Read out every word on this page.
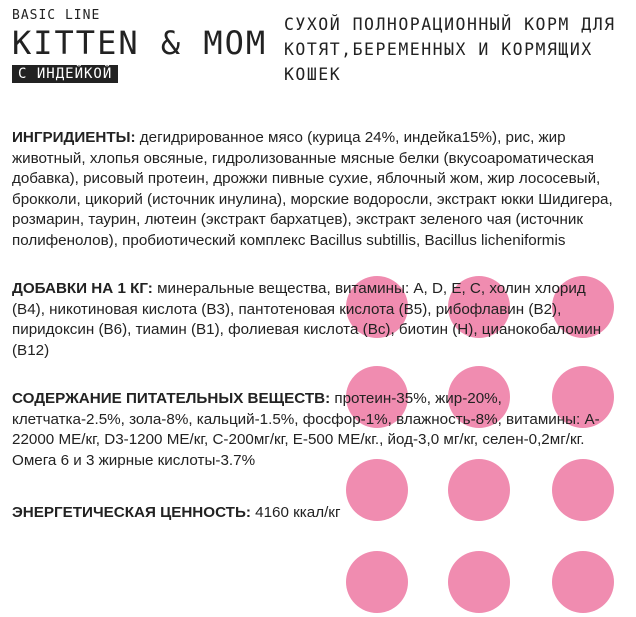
BASIC LINE
KITTEN & MOM
С ИНДЕЙКОЙ
СУХОЙ ПОЛНОРАЦИОННЫЙ КОРМ ДЛЯ КОТЯТ,БЕРЕМЕННЫХ И КОРМЯЩИХ КОШЕК

ИНГРИДИЕНТЫ: дегидрированное мясо (курица 24%, индейка15%), рис, жир животный, хлопья овсяные, гидролизованные мясные белки (вкусоароматическая добавка), рисовый протеин, дрожжи пивные сухие, яблочный жом, жир лососевый, брокколи, цикорий (источник инулина), морские водоросли, экстракт юкки Шидигера, розмарин, таурин, лютеин (экстракт бархатцев), экстракт зеленого чая (источник полифенолов), пробиотический комплекс Bacillus subtillis, Bacillus licheniformis

ДОБАВКИ НА 1 КГ: минеральные вещества, витамины: A, D, E, C, холин хлорид (B4), никотиновая кислота (B3), пантотеновая кислота (B5), рибофлавин (B2), пиридоксин (B6), тиамин (B1), фолиевая кислота (Bc), биотин (H), цианокобаломин (B12)

СОДЕРЖАНИЕ ПИТАТЕЛЬНЫХ ВЕЩЕСТВ: протеин-35%, жир-20%, клетчатка-2.5%, зола-8%, кальций-1.5%, фосфор-1%, влажность-8%, витамины: A-22000 МЕ/кг, D3-1200 МЕ/кг, C-200мг/кг, E-500 МЕ/кг., йод-3,0 мг/кг, селен-0,2мг/кг. Омега 6 и 3 жирные кислоты-3.7%

ЭНЕРГЕТИЧЕСКАЯ ЦЕННОСТЬ: 4160 ккал/кг
